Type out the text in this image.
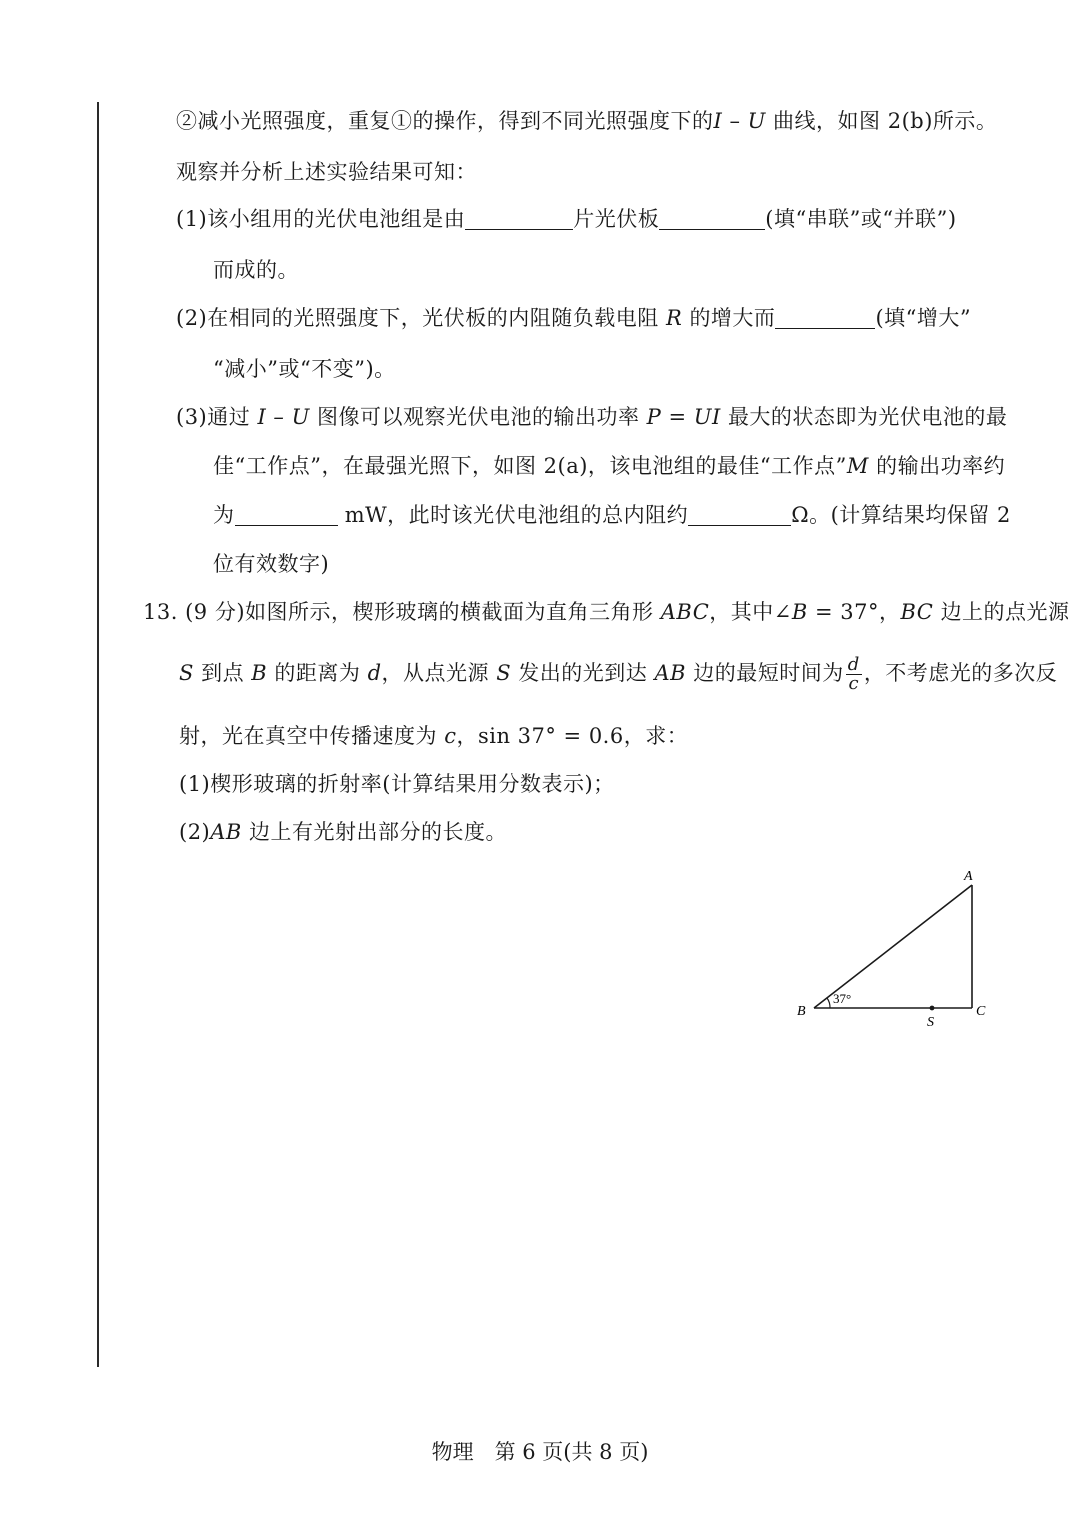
②减小光照强度，重复①的操作，得到不同光照强度下的I – U 曲线，如图 2(b)所示。
观察并分析上述实验结果可知：
(1)该小组用的光伏电池组是由	片光伏板	(填“串联”或“并联”)
而成的。
(2)在相同的光照强度下，光伏板的内阻随负载电阻 R 的增大而	(填“增大”
“减小”或“不变”)。
(3)通过 I – U 图像可以观察光伏电池的输出功率 P = UI 最大的状态即为光伏电池的最
佳“工作点”，在最强光照下，如图 2(a)，该电池组的最佳“工作点”M 的输出功率约
为	mW，此时该光伏电池组的总内阻约	Ω。(计算结果均保留 2
位有效数字)
13. (9 分)如图所示，楔形玻璃的横截面为直角三角形 ABC，其中∠B = 37°，BC 边上的点光源
S 到点 B 的距离为 d，从点光源 S 发出的光到达 AB 边的最短时间为 $\frac{d}{c}$ ，不考虑光的多次反
射，光在真空中传播速度为 c，sin 37° = 0.6，求：
(1)楔形玻璃的折射率(计算结果用分数表示)；
(2)AB 边上有光射出部分的长度。
A
B	C
S
37°
物理　第 6 页(共 8 页)
